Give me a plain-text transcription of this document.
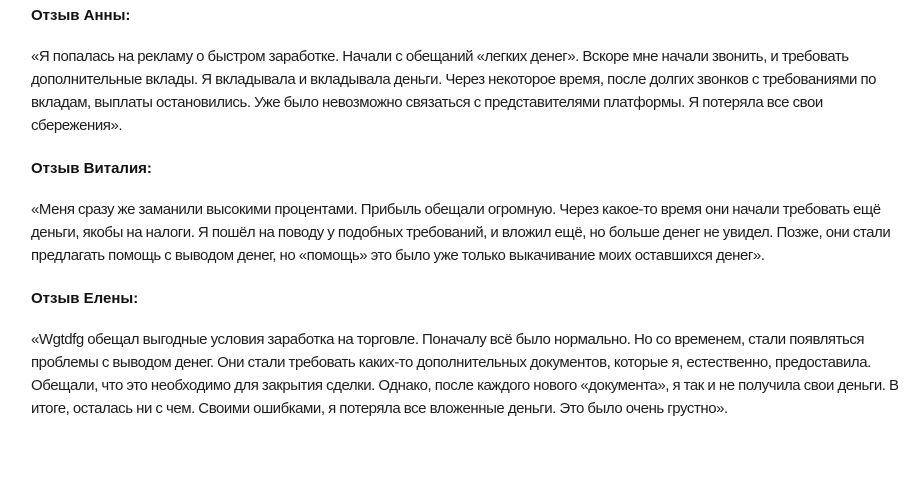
Отзыв Анны:

«Я попалась на рекламу о быстром заработке. Начали с обещаний «легких денег». Вскоре мне начали звонить, и требовать дополнительные вклады. Я вкладывала и вкладывала деньги. Через некоторое время, после долгих звонков с требованиями по вкладам, выплаты остановились. Уже было невозможно связаться с представителями платформы. Я потеряла все свои сбережения».

Отзыв Виталия:

«Меня сразу же заманили высокими процентами. Прибыль обещали огромную. Через какое-то время они начали требовать ещё деньги, якобы на налоги. Я пошёл на поводу у подобных требований, и вложил ещё, но больше денег не увидел. Позже, они стали предлагать помощь с выводом денег, но «помощь» это было уже только выкачивание моих оставшихся денег».

Отзыв Елены:

«Wgtdfg обещал выгодные условия заработка на торговле. Поначалу всё было нормально. Но со временем, стали появляться проблемы с выводом денег. Они стали требовать каких-то дополнительных документов, которые я, естественно, предоставила. Обещали, что это необходимо для закрытия сделки. Однако, после каждого нового «документа», я так и не получила свои деньги. В итоге, осталась ни с чем. Своими ошибками, я потеряла все вложенные деньги. Это было очень грустно».
